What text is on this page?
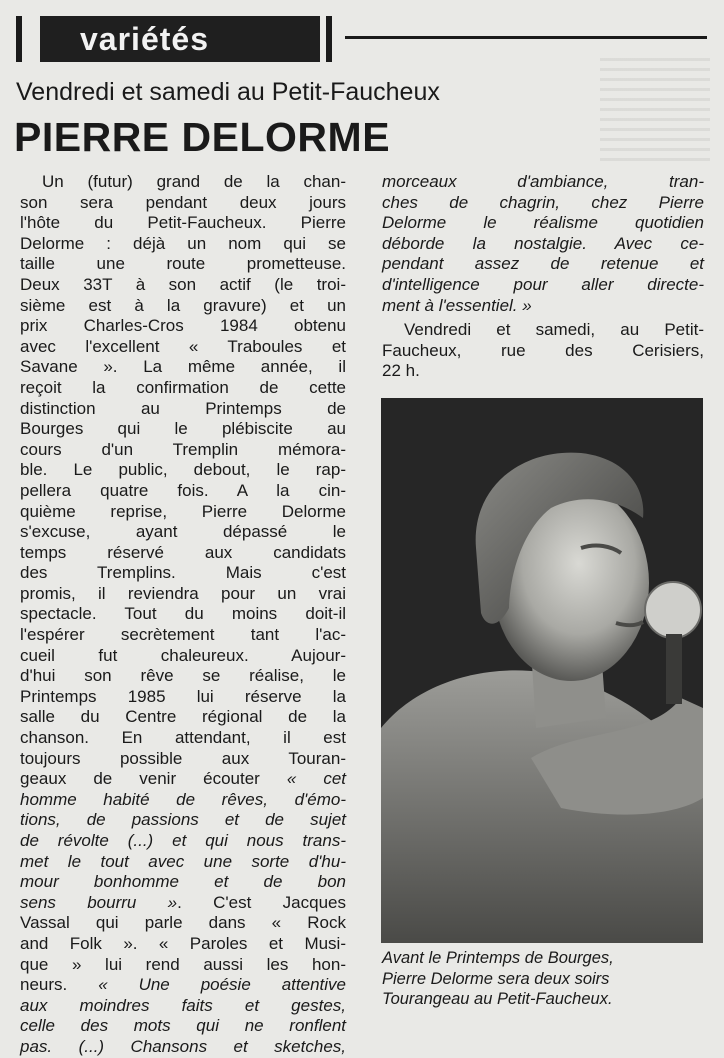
variétés
Vendredi et samedi au Petit-Faucheux
PIERRE DELORME
Un (futur) grand de la chan-
son sera pendant deux jours
l'hôte du Petit-Faucheux. Pierre
Delorme : déjà un nom qui se
taille une route prometteuse.
Deux 33T à son actif (le troi-
sième est à la gravure) et un
prix Charles-Cros 1984 obtenu
avec l'excellent « Traboules et
Savane ». La même année, il
reçoit la confirmation de cette
distinction au Printemps de
Bourges qui le plébiscite au
cours d'un Tremplin mémora-
ble. Le public, debout, le rap-
pellera quatre fois. A la cin-
quième reprise, Pierre Delorme
s'excuse, ayant dépassé le
temps réservé aux candidats
des Tremplins. Mais c'est
promis, il reviendra pour un vrai
spectacle. Tout du moins doit-il
l'espérer secrètement tant l'ac-
cueil fut chaleureux. Aujour-
d'hui son rêve se réalise, le
Printemps 1985 lui réserve la
salle du Centre régional de la
chanson. En attendant, il est
toujours possible aux Touran-
geaux de venir écouter « cet
homme habité de rêves, d'émo-
tions, de passions et de sujet
de révolte (...) et qui nous trans-
met le tout avec une sorte d'hu-
mour bonhomme et de bon
sens bourru ». C'est Jacques
Vassal qui parle dans « Rock
and Folk ». « Paroles et Musi-
que » lui rend aussi les hon-
neurs. « Une poésie attentive
aux moindres faits et gestes,
celle des mots qui ne ronflent
pas. (...) Chansons et sketches,
morceaux d'ambiance, tran-
ches de chagrin, chez Pierre
Delorme le réalisme quotidien
déborde la nostalgie. Avec ce-
pendant assez de retenue et
d'intelligence pour aller directe-
ment à l'essentiel. »
Vendredi et samedi, au Petit-
Faucheux, rue des Cerisiers,
22 h.
Avant le Printemps de Bourges,
Pierre Delorme sera deux soirs
Tourangeau au Petit-Faucheux.
